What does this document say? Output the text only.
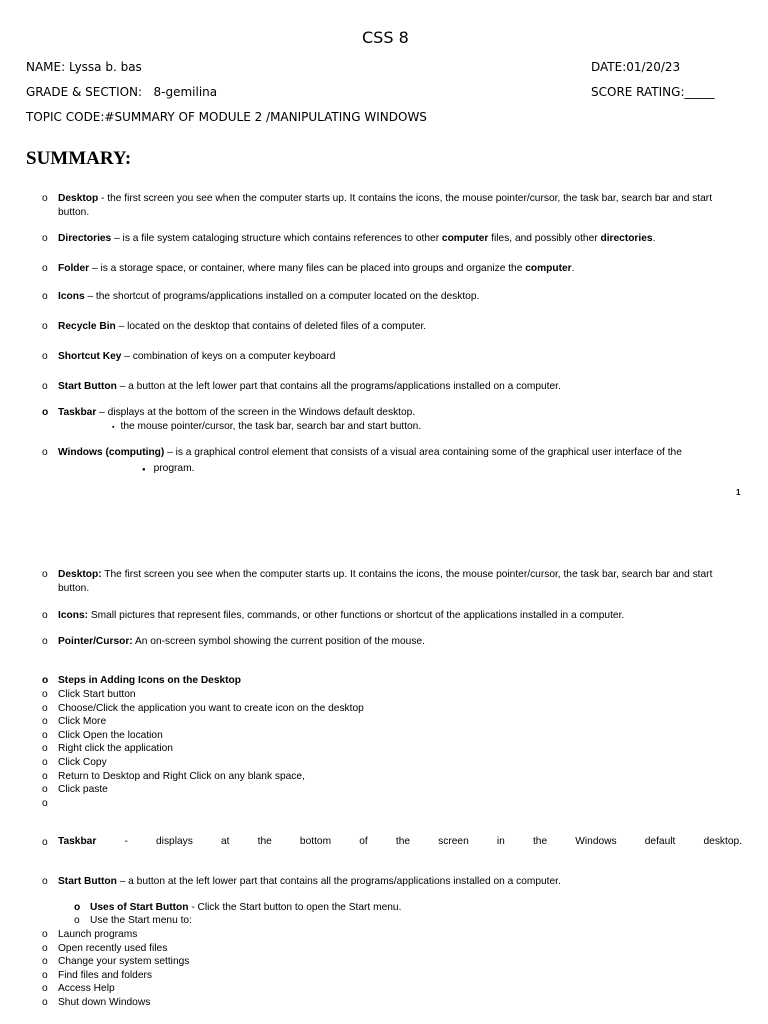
CSS 8
NAME: Lyssa b. bas	DATE:01/20/23
GRADE & SECTION:   8-gemilina	SCORE RATING:_____
TOPIC CODE:#SUMMARY OF MODULE 2 /MANIPULATING WINDOWS
SUMMARY:
o	Desktop - the first screen you see when the computer starts up. It contains the icons, the mouse pointer/cursor, the task bar, search bar and start button.
o	Directories – is a file system cataloging structure which contains references to other computer files, and possibly other directories.
o	Folder – is a storage space, or container, where many files can be placed into groups and organize the computer.
o	Icons – the shortcut of programs/applications installed on a computer located on the desktop.
o	Recycle Bin – located on the desktop that contains of deleted files of a computer.
o	Shortcut Key – combination of keys on a computer keyboard
o	Start Button – a button at the left lower part that contains all the programs/applications installed on a computer.
o Taskbar – displays at the bottom of the screen in the Windows default desktop.
o	Windows (computing) – is a graphical control element that consists of a visual area containing some of the graphical user interface of the
▪ the mouse pointer/cursor, the task bar, search bar and start button.
● program.
1
o	Desktop: The first screen you see when the computer starts up. It contains the icons, the mouse pointer/cursor, the task bar, search bar and start button.
o	Icons: Small pictures that represent files, commands, or other functions or shortcut of the applications installed in a computer.
o	Pointer/Cursor: An on-screen symbol showing the current position of the mouse.
o Steps in Adding Icons on the Desktop
o	Click Start button
o	Choose/Click the application you want to create icon on the desktop
o	Click More
o	Click Open the location
o	Right click the application
o	Click Copy
o	Return to Desktop and Right Click on any blank space,
o	Click paste
o
o	Taskbar	-	displays	at	the	bottom	of	the	screen	in	the	Windows	default	desktop.
o	Start Button – a button at the left lower part that contains all the programs/applications installed on a computer.
o Uses of Start Button - Click the Start button to open the Start menu.
o Use the Start menu to:
o	Launch programs
o	Open recently used files
o	Change your system settings
o	Find files and folders
o	Access Help
o	Shut down Windows
